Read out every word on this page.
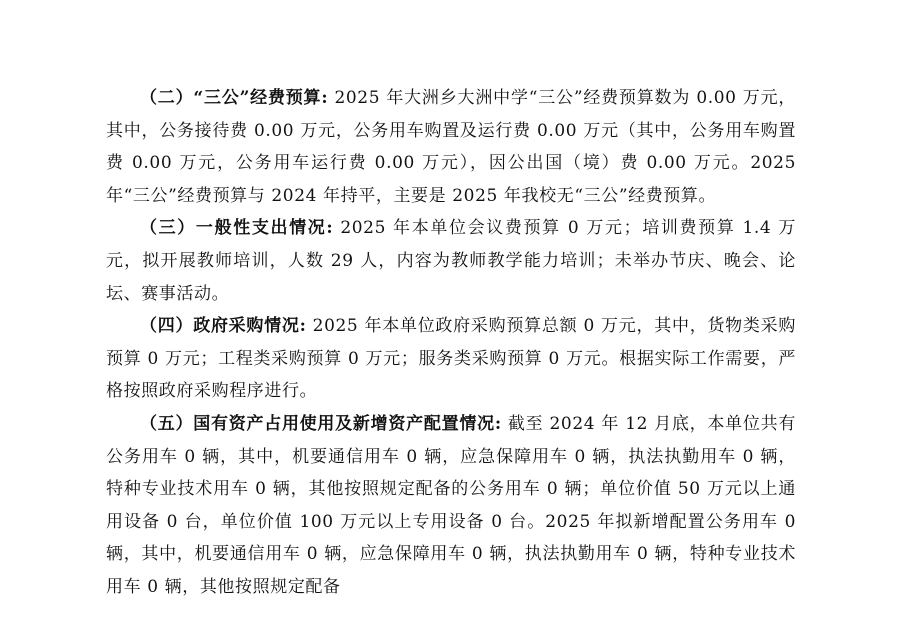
（二）“三公”经费预算: 2025 年大洲乡大洲中学“三公”经费预算数为 0.00 万元，其中，公务接待费 0.00 万元，公务用车购置及运行费 0.00 万元（其中，公务用车购置费 0.00 万元，公务用车运行费 0.00 万元），因公出国（境）费 0.00 万元。2025 年“三公”经费预算与 2024 年持平，主要是 2025 年我校无“三公”经费预算。

（三）一般性支出情况: 2025 年本单位会议费预算 0 万元；培训费预算 1.4 万元，拟开展教师培训，人数 29 人，内容为教师教学能力培训；未举办节庆、晚会、论坛、赛事活动。

（四）政府采购情况: 2025 年本单位政府采购预算总额 0 万元，其中，货物类采购预算 0 万元；工程类采购预算 0 万元；服务类采购预算 0 万元。根据实际工作需要，严格按照政府采购程序进行。

（五）国有资产占用使用及新增资产配置情况: 截至 2024 年 12 月底，本单位共有公务用车 0 辆，其中，机要通信用车 0 辆，应急保障用车 0 辆，执法执勤用车 0 辆，特种专业技术用车 0 辆，其他按照规定配备的公务用车 0 辆；单位价值 50 万元以上通用设备 0 台，单位价值 100 万元以上专用设备 0 台。2025 年拟新增配置公务用车 0 辆，其中，机要通信用车 0 辆，应急保障用车 0 辆，执法执勤用车 0 辆，特种专业技术用车 0 辆，其他按照规定配备
